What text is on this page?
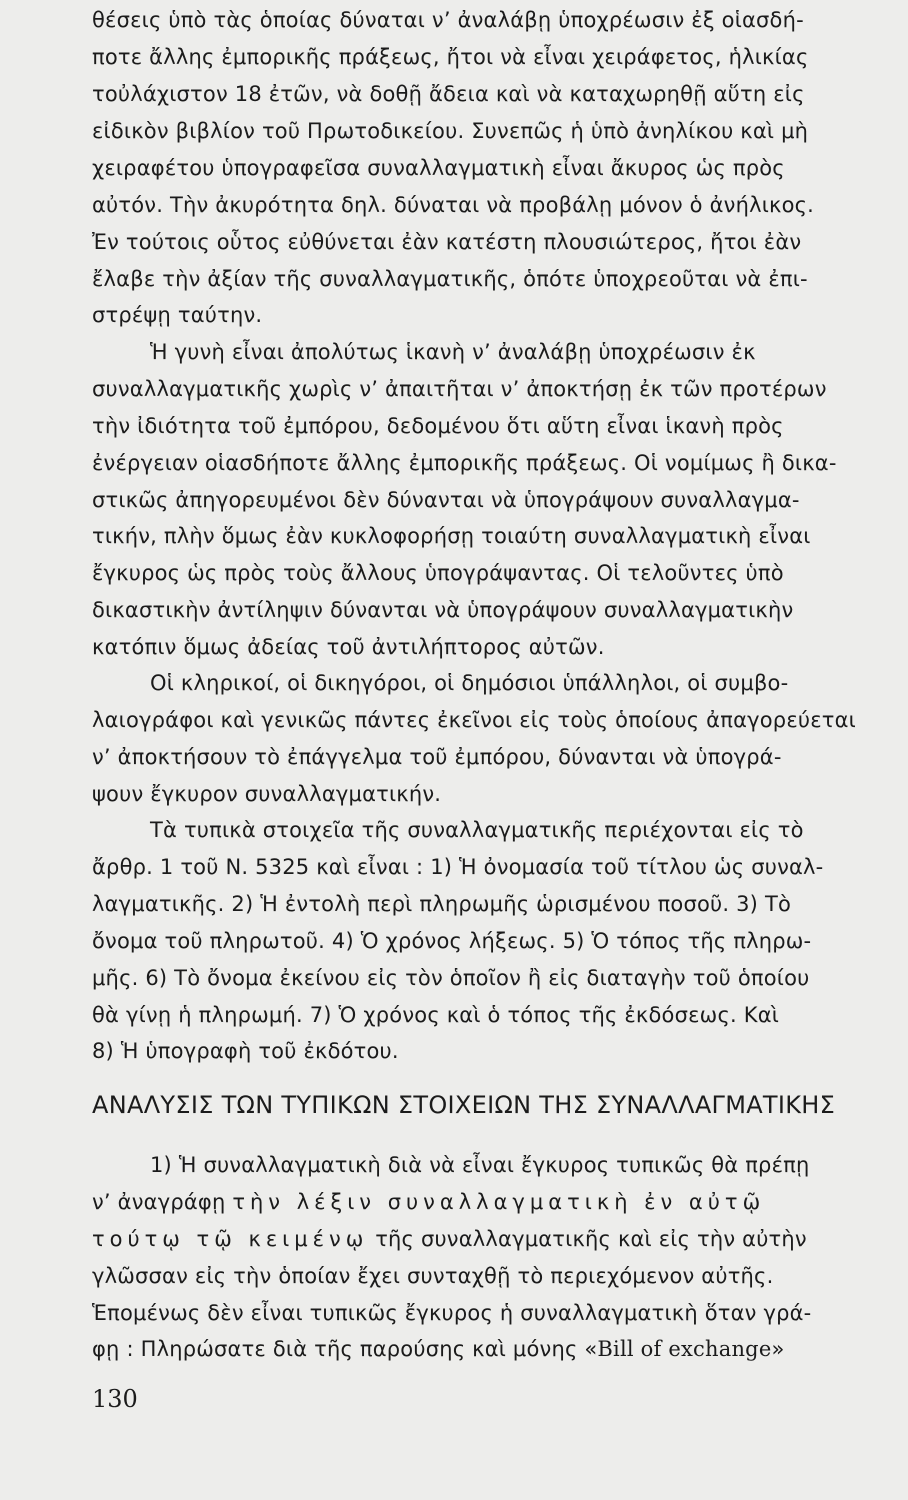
θέσεις ὑπὸ τὰς ὁποίας δύναται ν’ ἀναλάβῃ ὑποχρέωσιν ἐξ οἱασδή-
ποτε ἄλλης ἐμπορικῆς πράξεως, ἤτοι νὰ εἶναι χειράφετος, ἡλικίας
τοὐλάχιστον 18 ἐτῶν, νὰ δοθῇ ἄδεια καὶ νὰ καταχωρηθῇ αὕτη εἰς
εἰδικὸν βιβλίον τοῦ Πρωτοδικείου. Συνεπῶς ἡ ὑπὸ ἀνηλίκου καὶ μὴ
χειραφέτου ὑπογραφεῖσα συναλλαγματικὴ εἶναι ἄκυρος ὡς πρὸς
αὐτόν. Τὴν ἀκυρότητα δηλ. δύναται νὰ προβάλῃ μόνον ὁ ἀνήλικος.
Ἐν τούτοις οὗτος εὐθύνεται ἐὰν κατέστη πλουσιώτερος, ἤτοι ἐὰν
ἔλαβε τὴν ἀξίαν τῆς συναλλαγματικῆς, ὁπότε ὑποχρεοῦται νὰ ἐπι-
στρέψῃ ταύτην.
Ἡ γυνὴ εἶναι ἀπολύτως ἱκανὴ ν’ ἀναλάβῃ ὑποχρέωσιν ἐκ
συναλλαγματικῆς χωρὶς ν’ ἀπαιτῆται ν’ ἀποκτήσῃ ἐκ τῶν προτέρων
τὴν ἰδιότητα τοῦ ἐμπόρου, δεδομένου ὅτι αὕτη εἶναι ἱκανὴ πρὸς
ἐνέργειαν οἱασδήποτε ἄλλης ἐμπορικῆς πράξεως. Οἱ νομίμως ἢ δικα-
στικῶς ἀπηγορευμένοι δὲν δύνανται νὰ ὑπογράψουν συναλλαγμα-
τικήν, πλὴν ὅμως ἐὰν κυκλοφορήσῃ τοιαύτη συναλλαγματικὴ εἶναι
ἔγκυρος ὡς πρὸς τοὺς ἄλλους ὑπογράψαντας. Οἱ τελοῦντες ὑπὸ
δικαστικὴν ἀντίληψιν δύνανται νὰ ὑπογράψουν συναλλαγματικὴν
κατόπιν ὅμως ἀδείας τοῦ ἀντιλήπτορος αὐτῶν.
Οἱ κληρικοί, οἱ δικηγόροι, οἱ δημόσιοι ὑπάλληλοι, οἱ συμβο-
λαιογράφοι καὶ γενικῶς πάντες ἐκεῖνοι εἰς τοὺς ὁποίους ἀπαγορεύεται
ν’ ἀποκτήσουν τὸ ἐπάγγελμα τοῦ ἐμπόρου, δύνανται νὰ ὑπογρά-
ψουν ἔγκυρον συναλλαγματικήν.
Τὰ τυπικὰ στοιχεῖα τῆς συναλλαγματικῆς περιέχονται εἰς τὸ
ἄρθρ. 1 τοῦ Ν. 5325 καὶ εἶναι : 1) Ἡ ὀνομασία τοῦ τίτλου ὡς συναλ-
λαγματικῆς. 2) Ἡ ἐντολὴ περὶ πληρωμῆς ὡρισμένου ποσοῦ. 3) Τὸ
ὄνομα τοῦ πληρωτοῦ. 4) Ὁ χρόνος λήξεως. 5) Ὁ τόπος τῆς πληρω-
μῆς. 6) Τὸ ὄνομα ἐκείνου εἰς τὸν ὁποῖον ἢ εἰς διαταγὴν τοῦ ὁποίου
θὰ γίνῃ ἡ πληρωμή. 7) Ὁ χρόνος καὶ ὁ τόπος τῆς ἐκδόσεως. Καὶ
8) Ἡ ὑπογραφὴ τοῦ ἐκδότου.
ΑΝΑΛΥΣΙΣ ΤΩΝ ΤΥΠΙΚΩΝ ΣΤΟΙΧΕΙΩΝ ΤΗΣ ΣΥΝΑΛΛΑΓΜΑΤΙΚΗΣ
1) Ἡ συναλλαγματικὴ διὰ νὰ εἶναι ἔγκυρος τυπικῶς θὰ πρέπῃ
ν’ ἀναγράφῃ τὴν λέξιν συναλλαγματικὴ ἐν αὐτῷ
τούτῳ τῷ κειμένῳ τῆς συναλλαγματικῆς καὶ εἰς τὴν αὐτὴν
γλῶσσαν εἰς τὴν ὁποίαν ἔχει συνταχθῇ τὸ περιεχόμενον αὐτῆς.
Ἑπομένως δὲν εἶναι τυπικῶς ἔγκυρος ἡ συναλλαγματικὴ ὅταν γρά-
φῃ : Πληρώσατε διὰ τῆς παρούσης καὶ μόνης «Bill of exchange»
130
